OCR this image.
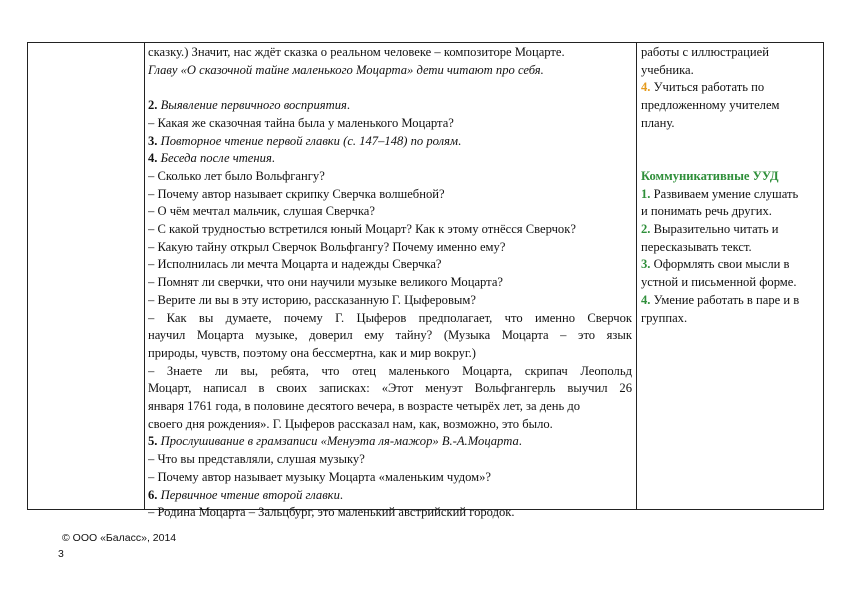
сказку.) Значит, нас ждёт сказка о реальном человеке – композиторе Моцарте.
Главу «О сказочной тайне маленького Моцарта» дети читают про себя.
2. Выявление первичного восприятия.
– Какая же сказочная тайна была у маленького Моцарта?
3. Повторное чтение первой главки (с. 147–148) по ролям.
4. Беседа после чтения.
– Сколько лет было Вольфгангу?
– Почему автор называет скрипку Сверчка волшебной?
– О чём мечтал мальчик, слушая Сверчка?
– С какой трудностью встретился юный Моцарт? Как к этому отнёсся Сверчок?
– Какую тайну открыл Сверчок Вольфгангу? Почему именно ему?
– Исполнилась ли мечта Моцарта и надежды Сверчка?
– Помнят ли сверчки, что они научили музыке великого Моцарта?
– Верите ли вы в эту историю, рассказанную Г. Цыферовым?
– Как вы думаете, почему Г. Цыферов предполагает, что именно Сверчок
научил Моцарта музыке, доверил ему тайну? (Музыка Моцарта – это язык
природы, чувств, поэтому она бессмертна, как и мир вокруг.)
– Знаете ли вы, ребята, что отец маленького Моцарта, скрипач Леопольд
Моцарт, написал в своих записках: «Этот менуэт Вольфгангерль выучил 26
января 1761 года, в половине десятого вечера, в возрасте четырёх лет, за день до
своего дня рождения». Г. Цыферов рассказал нам, как, возможно, это было.
5. Прослушивание в грамзаписи «Менуэта ля-мажор» В.-А.Моцарта.
– Что вы представляли, слушая музыку?
– Почему автор называет музыку Моцарта «маленьким чудом»?
6. Первичное чтение второй главки.
– Родина Моцарта – Зальцбург, это маленький австрийский городок.
работы с иллюстрацией
учебника.
4. Учиться работать по
предложенному учителем
плану.
Коммуникативные УУД
1. Развиваем умение слушать
и понимать речь других.
2. Выразительно читать и
пересказывать текст.
3. Оформлять свои мысли в
устной и письменной форме.
4. Умение работать в паре и в
группах.
© ООО «Баласс», 2014
3
